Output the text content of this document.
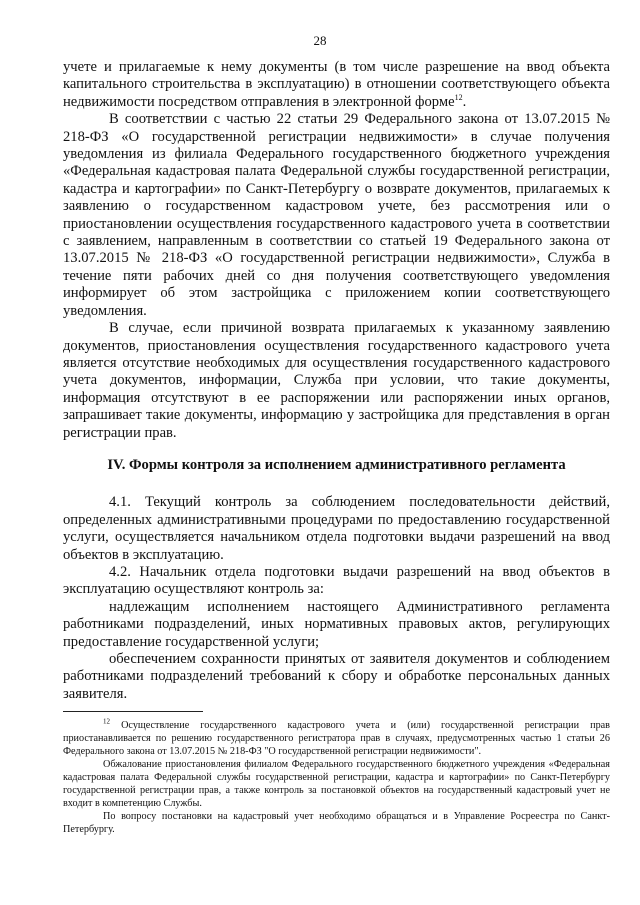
28

учете и прилагаемые к нему документы (в том числе разрешение на ввод объекта капитального строительства в эксплуатацию) в отношении соответствующего объекта недвижимости посредством отправления в электронной форме$^{12}$.

В соответствии с частью 22 статьи 29 Федерального закона от 13.07.2015 № 218-ФЗ «О государственной регистрации недвижимости» в случае получения уведомления из филиала Федерального государственного бюджетного учреждения «Федеральная кадастровая палата Федеральной службы государственной регистрации, кадастра и картографии» по Санкт-Петербургу о возврате документов, прилагаемых к заявлению о государственном кадастровом учете, без рассмотрения или о приостановлении осуществления государственного кадастрового учета в соответствии с заявлением, направленным в соответствии со статьей 19 Федерального закона от 13.07.2015 № 218-ФЗ «О государственной регистрации недвижимости», Служба в течение пяти рабочих дней со дня получения соответствующего уведомления информирует об этом застройщика с приложением копии соответствующего уведомления.

В случае, если причиной возврата прилагаемых к указанному заявлению документов, приостановления осуществления государственного кадастрового учета является отсутствие необходимых для осуществления государственного кадастрового учета документов, информации, Служба при условии, что такие документы, информация отсутствуют в ее распоряжении или распоряжении иных органов, запрашивает такие документы, информацию у застройщика для представления в орган регистрации прав.

IV. Формы контроля за исполнением административного регламента

4.1. Текущий контроль за соблюдением последовательности действий, определенных административными процедурами по предоставлению государственной услуги, осуществляется начальником отдела подготовки выдачи разрешений на ввод объектов в эксплуатацию.

4.2. Начальник отдела подготовки выдачи разрешений на ввод объектов в эксплуатацию осуществляют контроль за:

надлежащим исполнением настоящего Административного регламента работниками подразделений, иных нормативных правовых актов, регулирующих предоставление государственной услуги;

обеспечением сохранности принятых от заявителя документов и соблюдением работниками подразделений требований к сбору и обработке персональных данных заявителя.

$^{12}$ Осуществление государственного кадастрового учета и (или) государственной регистрации прав приостанавливается по решению государственного регистратора прав в случаях, предусмотренных частью 1 статьи 26 Федерального закона от 13.07.2015 № 218-ФЗ "О государственной регистрации недвижимости".

Обжалование приостановления филиалом Федерального государственного бюджетного учреждения «Федеральная кадастровая палата Федеральной службы государственной регистрации, кадастра и картографии» по Санкт-Петербургу государственной регистрации прав, а также контроль за постановкой объектов на государственный кадастровый учет не входит в компетенцию Службы.

По вопросу постановки на кадастровый учет необходимо обращаться и в Управление Росреестра по Санкт-Петербургу.
